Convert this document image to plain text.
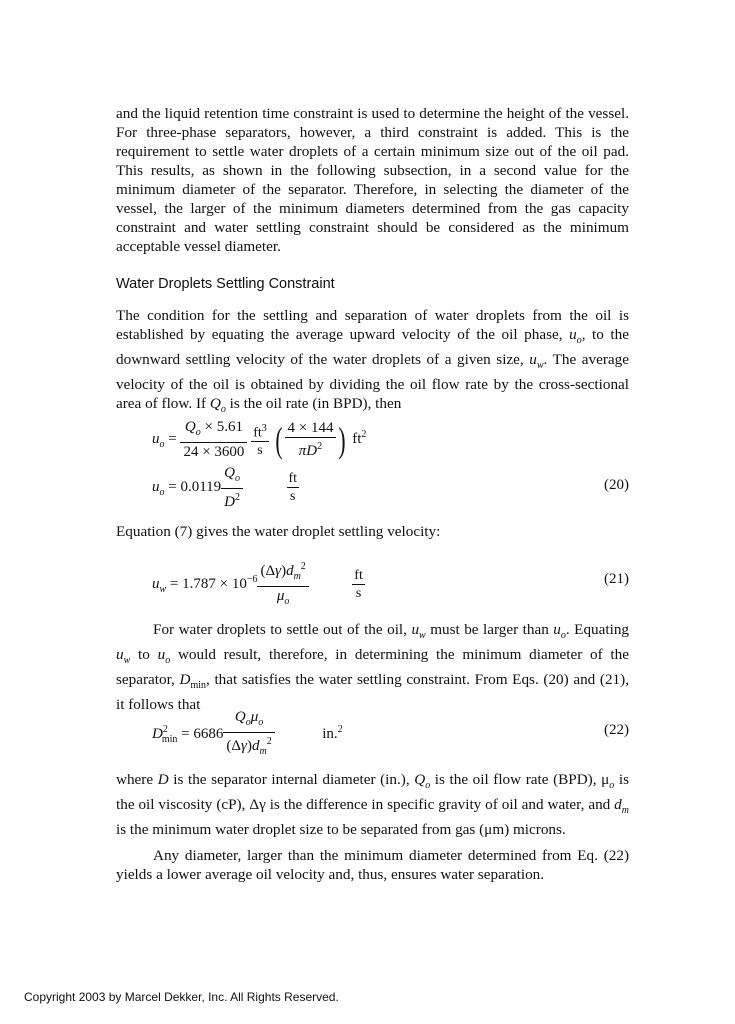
and the liquid retention time constraint is used to determine the height of the vessel. For three-phase separators, however, a third constraint is added. This is the requirement to settle water droplets of a certain minimum size out of the oil pad. This results, as shown in the following subsection, in a second value for the minimum diameter of the separator. Therefore, in selecting the diameter of the vessel, the larger of the minimum diameters determined from the gas capacity constraint and water settling constraint should be considered as the minimum acceptable vessel diameter.

Water Droplets Settling Constraint

The condition for the settling and separation of water droplets from the oil is established by equating the average upward velocity of the oil phase, $u_o$, to the downward settling velocity of the water droplets of a given size, $u_w$. The average velocity of the oil is obtained by dividing the oil flow rate by the cross-sectional area of flow. If $Q_o$ is the oil rate (in BPD), then

$u_o = \frac{Q_o \times 5.61}{24 \times 3600}$
$\frac{ft^3}{s}$ ( $\frac{4 \times 144}{\pi D^2}$ ) $ft^2$
$u_o = 0.0119 \frac{Q_o}{D^2}$
	$\frac{ft}{s}$	(20)

Equation (7) gives the water droplet settling velocity:

$u_w = 1.787 \times 10^{-6} \frac{(\Delta\gamma)d_m^2}{\mu_o}$
	$\frac{ft}{s}$	(21)

For water droplets to settle out of the oil, $u_w$ must be larger than $u_o$. Equating $u_w$ to $u_o$ would result, therefore, in determining the minimum diameter of the separator, $D_{min}$, that satisfies the water settling constraint. From Eqs. (20) and (21), it follows that

$D^2_{min} = 6686 \frac{Q_o\mu_o}{(\Delta\gamma)d_m^2}$	in.$^2$	(22)

where D is the separator internal diameter (in.), $Q_o$ is the oil flow rate (BPD), $\mu_o$ is the oil viscosity (cP), Δγ is the difference in specific gravity of oil and water, and $d_m$ is the minimum water droplet size to be separated from gas (μm) microns.

Any diameter, larger than the minimum diameter determined from Eq. (22) yields a lower average oil velocity and, thus, ensures water separation.

Copyright 2003 by Marcel Dekker, Inc. All Rights Reserved.
